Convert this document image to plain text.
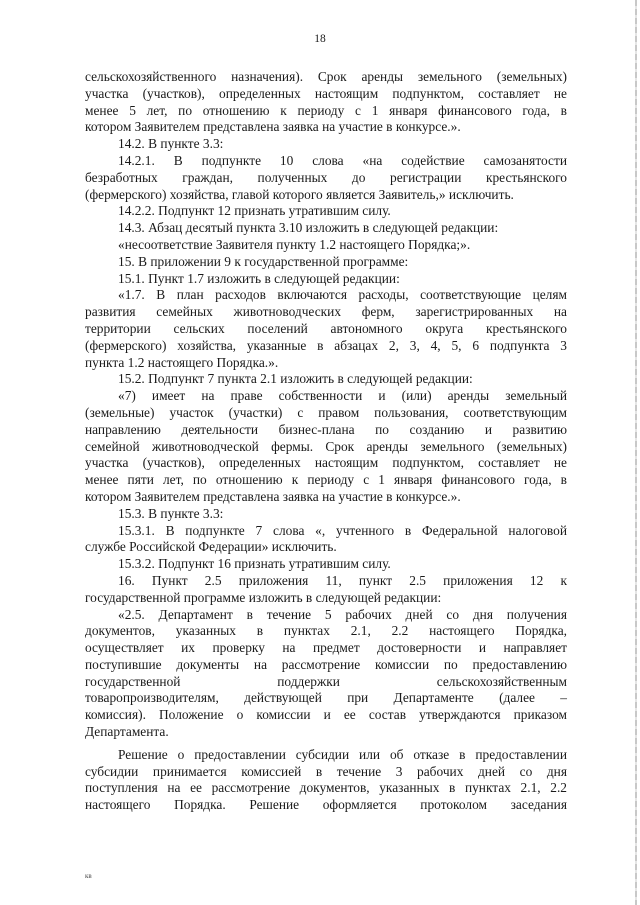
18

сельскохозяйственного назначения). Срок аренды земельного (земельных)

участка (участков), определенных настоящим подпунктом, составляет не

менее 5 лет, по отношению к периоду с 1 января финансового года, в

котором Заявителем представлена заявка на участие в конкурсе.».

14.2. В пункте 3.3:

14.2.1. В подпункте 10 слова «на содействие самозанятости

безработных граждан, полученных до регистрации крестьянского

(фермерского) хозяйства, главой которого является Заявитель,» исключить.

14.2.2. Подпункт 12 признать утратившим силу.

14.3. Абзац десятый пункта 3.10 изложить в следующей редакции:

«несоответствие Заявителя пункту 1.2 настоящего Порядка;».

15. В приложении 9 к государственной программе:

15.1. Пункт 1.7 изложить в следующей редакции:

«1.7. В план расходов включаются расходы, соответствующие целям

развития семейных животноводческих ферм, зарегистрированных на

территории сельских поселений автономного округа крестьянского

(фермерского) хозяйства, указанные в абзацах 2, 3, 4, 5, 6 подпункта 3

пункта 1.2 настоящего Порядка.».

15.2. Подпункт 7 пункта 2.1 изложить в следующей редакции:

«7) имеет на праве собственности и (или) аренды земельный

(земельные) участок (участки) с правом пользования, соответствующим

направлению деятельности бизнес-плана по созданию и развитию

семейной животноводческой фермы. Срок аренды земельного (земельных)

участка (участков), определенных настоящим подпунктом, составляет не

менее пяти лет, по отношению к периоду с 1 января финансового года, в

котором Заявителем представлена заявка на участие в конкурсе.».

15.3. В пункте 3.3:

15.3.1. В подпункте 7 слова «, учтенного в Федеральной налоговой

службе Российской Федерации» исключить.

15.3.2. Подпункт 16 признать утратившим силу.

16. Пункт 2.5 приложения 11, пункт 2.5 приложения 12 к

государственной программе изложить в следующей редакции:

«2.5. Департамент в течение 5 рабочих дней со дня получения

документов, указанных в пунктах 2.1, 2.2 настоящего Порядка,

осуществляет их проверку на предмет достоверности и направляет

поступившие документы на рассмотрение комиссии по предоставлению

государственной поддержки сельскохозяйственным

товаропроизводителям, действующей при Департаменте (далее –

комиссия). Положение о комиссии и ее состав утверждаются приказом

Департамента.

Решение о предоставлении субсидии или об отказе в предоставлении

субсидии принимается комиссией в течение 3 рабочих дней со дня

поступления на ее рассмотрение документов, указанных в пунктах 2.1, 2.2

настоящего Порядка. Решение оформляется протоколом заседания

кв
